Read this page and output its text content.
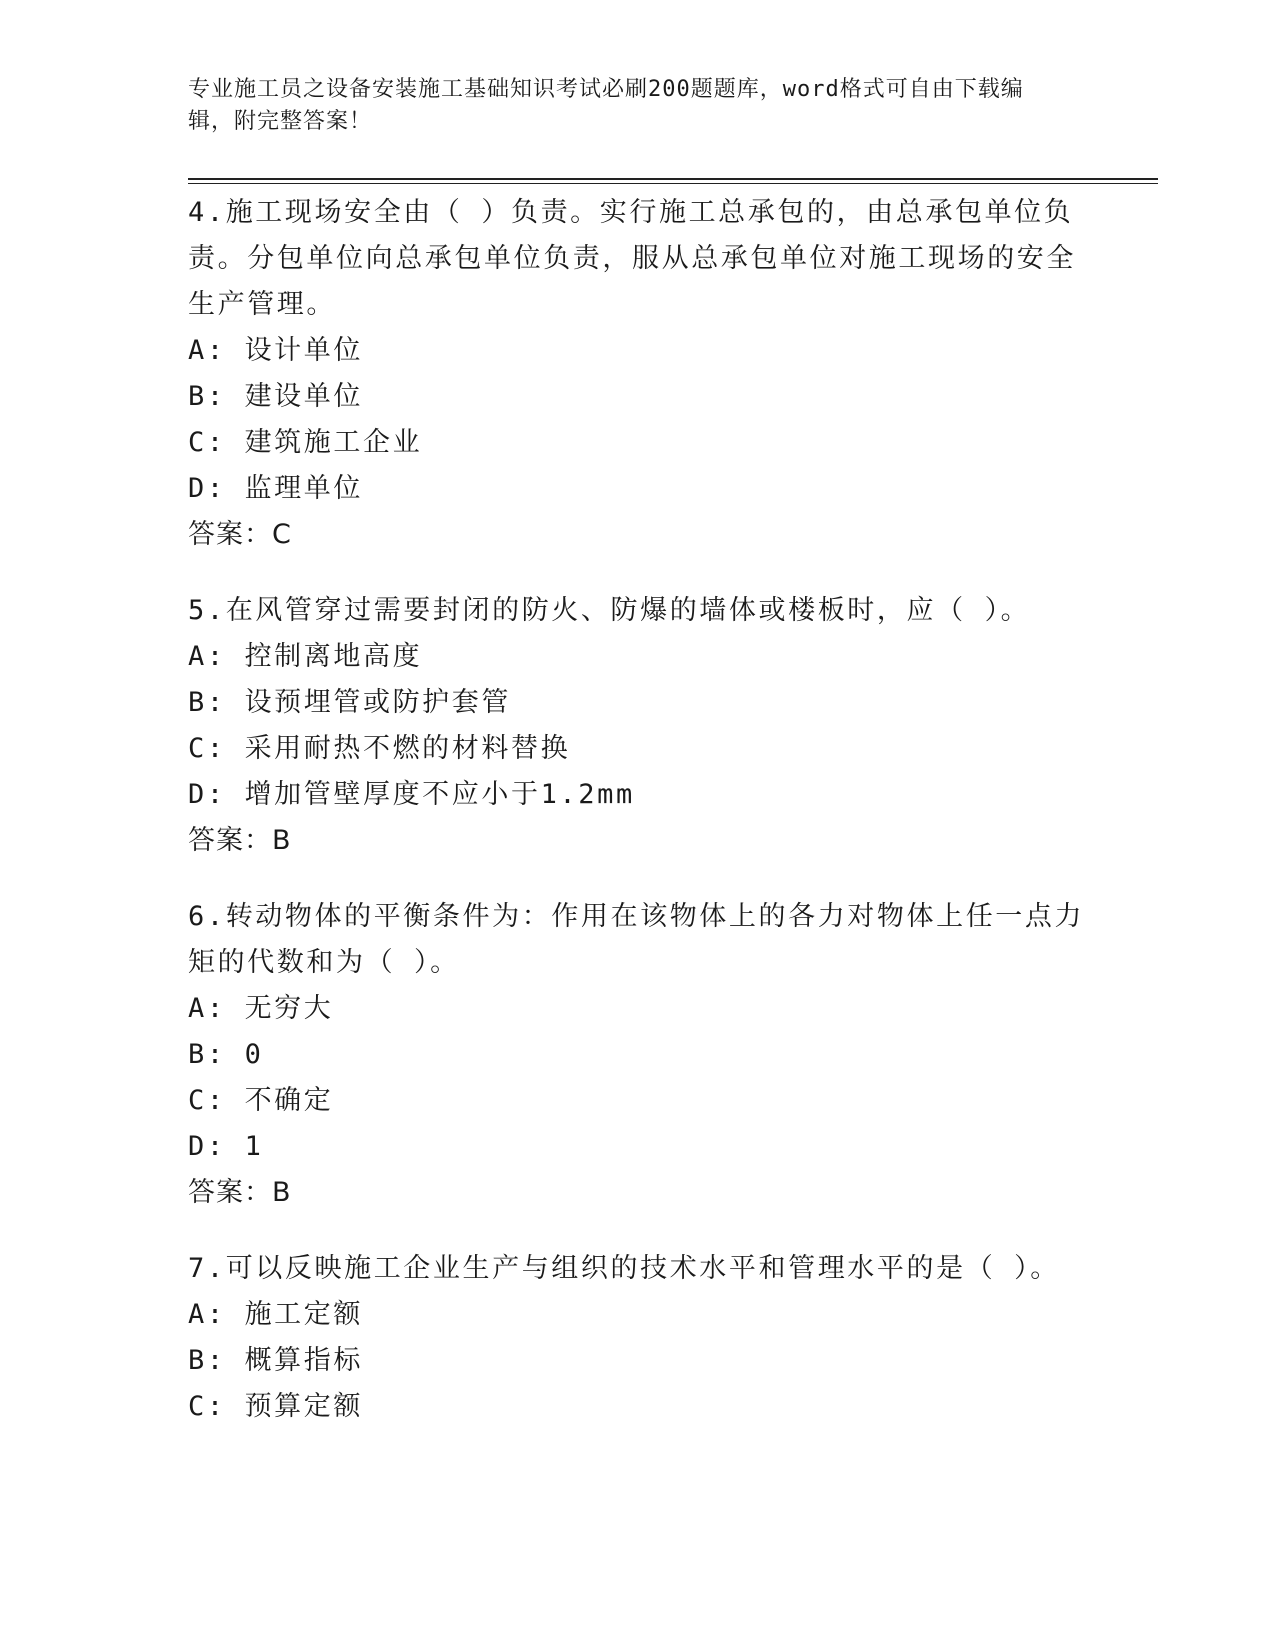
专业施工员之设备安装施工基础知识考试必刷200题题库，word格式可自由下载编辑，附完整答案！

4.施工现场安全由（ ）负责。实行施工总承包的，由总承包单位负责。分包单位向总承包单位负责，服从总承包单位对施工现场的安全生产管理。

A: 设计单位

B: 建设单位

C: 建筑施工企业

D: 监理单位

答案：C

5.在风管穿过需要封闭的防火、防爆的墙体或楼板时，应（ ）。

A: 控制离地高度

B: 设预埋管或防护套管

C: 采用耐热不燃的材料替换

D: 增加管壁厚度不应小于1.2mm

答案：B

6.转动物体的平衡条件为：作用在该物体上的各力对物体上任一点力矩的代数和为（ ）。

A: 无穷大

B: 0

C: 不确定

D: 1

答案：B

7.可以反映施工企业生产与组织的技术水平和管理水平的是（ ）。

A: 施工定额

B: 概算指标

C: 预算定额
